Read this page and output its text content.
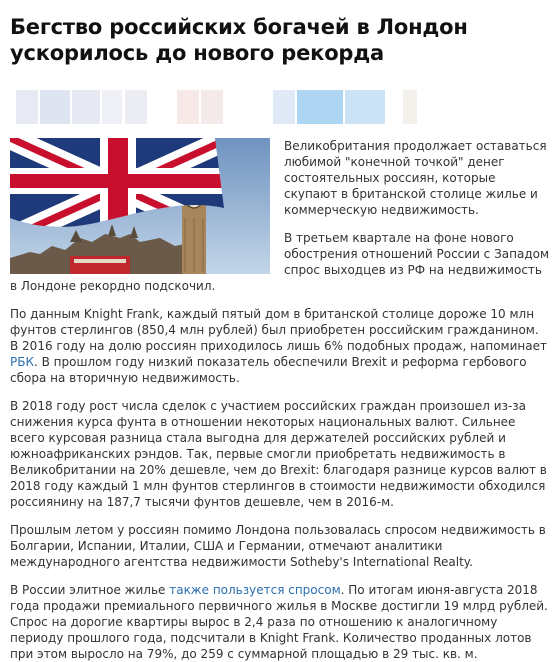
Бегство российских богачей в Лондон
ускорилось до нового рекорда

Великобритания продолжает оставаться любимой "конечной точкой" денег состоятельных россиян, которые скупают в британской столице жилье и коммерческую недвижимость.

В третьем квартале на фоне нового обострения отношений России с Западом спрос выходцев из РФ на недвижимость в Лондоне рекордно подскочил.

По данным Knight Frank, каждый пятый дом в британской столице дороже 10 млн фунтов стерлингов (850,4 млн рублей) был приобретен российским гражданином. В 2016 году на долю россиян приходилось лишь 6% подобных продаж, напоминает РБК. В прошлом году низкий показатель обеспечили Brexit и реформа гербового сбора на вторичную недвижимость.

В 2018 году рост числа сделок с участием российских граждан произошел из-за снижения курса фунта в отношении некоторых национальных валют. Сильнее всего курсовая разница стала выгодна для держателей российских рублей и южноафриканских рэндов. Так, первые смогли приобретать недвижимость в Великобритании на 20% дешевле, чем до Brexit: благодаря разнице курсов валют в 2018 году каждый 1 млн фунтов стерлингов в стоимости недвижимости обходился россиянину на 187,7 тысячи фунтов дешевле, чем в 2016-м.

Прошлым летом у россиян помимо Лондона пользовалась спросом недвижимость в Болгарии, Испании, Италии, США и Германии, отмечают аналитики международного агентства недвижимости Sotheby's International Realty.

В России элитное жилье также пользуется спросом. По итогам июня-августа 2018 года продажи премиального первичного жилья в Москве достигли 19 млрд рублей. Спрос на дорогие квартиры вырос в 2,4 раза по отношению к аналогичному периоду прошлого года, подсчитали в Knight Frank. Количество проданных лотов при этом выросло на 79%, до 259 с суммарной площадью в 29 тыс. кв. м.
